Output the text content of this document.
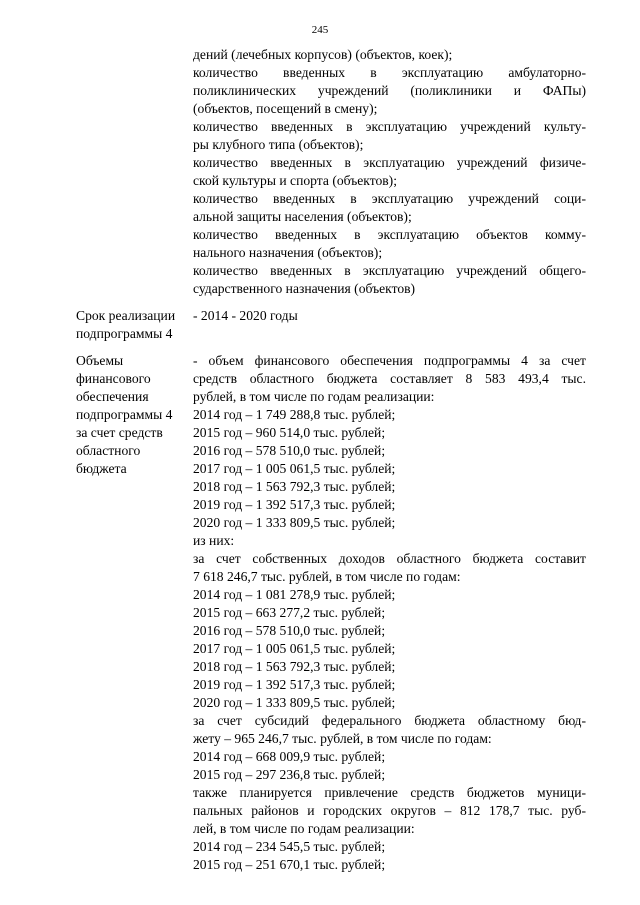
245
дений (лечебных корпусов) (объектов, коек);
количество введенных в эксплуатацию амбулаторно-
поликлинических учреждений (поликлиники и ФАПы)
(объектов, посещений в смену);
количество введенных в эксплуатацию учреждений культу-
ры клубного типа (объектов);
количество введенных в эксплуатацию учреждений физиче-
ской культуры и спорта (объектов);
количество введенных в эксплуатацию учреждений соци-
альной защиты населения (объектов);
количество введенных в эксплуатацию объектов комму-
нального назначения (объектов);
количество введенных в эксплуатацию учреждений общего-
сударственного назначения (объектов)
Срок реализации
подпрограммы 4
- 2014 - 2020 годы
Объемы
финансового
обеспечения
подпрограммы 4
за счет средств
областного
бюджета
- объем финансового обеспечения подпрограммы 4 за счет
средств областного бюджета составляет 8 583 493,4 тыс.
рублей, в том числе по годам реализации:
2014 год – 1 749 288,8 тыс. рублей;
2015 год – 960 514,0 тыс. рублей;
2016 год – 578 510,0 тыс. рублей;
2017 год – 1 005 061,5 тыс. рублей;
2018 год – 1 563 792,3 тыс. рублей;
2019 год – 1 392 517,3 тыс. рублей;
2020 год – 1 333 809,5 тыс. рублей;
из них:
за счет собственных доходов областного бюджета составит
7 618 246,7 тыс. рублей, в том числе по годам:
2014 год – 1 081 278,9 тыс. рублей;
2015 год – 663 277,2 тыс. рублей;
2016 год – 578 510,0 тыс. рублей;
2017 год – 1 005 061,5 тыс. рублей;
2018 год – 1 563 792,3 тыс. рублей;
2019 год – 1 392 517,3 тыс. рублей;
2020 год – 1 333 809,5 тыс. рублей;
за счет субсидий федерального бюджета областному бюд-
жету – 965 246,7 тыс. рублей, в том числе по годам:
2014 год – 668 009,9 тыс. рублей;
2015 год – 297 236,8 тыс. рублей;
также планируется привлечение средств бюджетов муници-
пальных районов и городских округов – 812 178,7 тыс. руб-
лей, в том числе по годам реализации:
2014 год – 234 545,5 тыс. рублей;
2015 год – 251 670,1 тыс. рублей;
